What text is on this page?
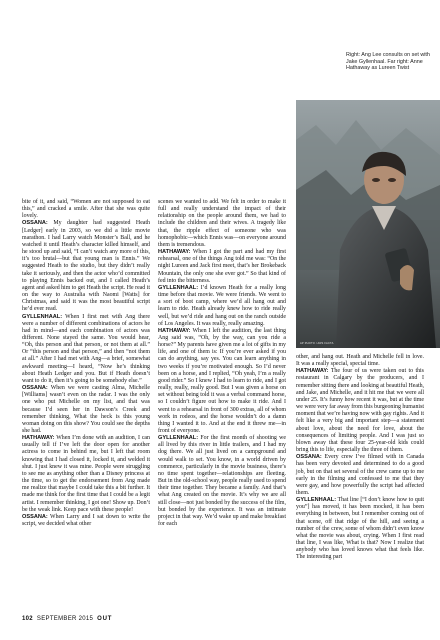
Right: Ang Lee consults on set with Jake Gyllenhaal. Far right: Anne Hathaway as Lureen Twist
AP PHOTO / ARS FACTA

bite of it, and said, “Women are not supposed to eat this,” and cracked a smile. After that she was quite lovely.

OSSANA: My daughter had suggested Heath [Ledger] early in 2003, so we did a little movie marathon. I had Larry watch Monster’s Ball, and he watched it until Heath’s character killed himself, and he stood up and said, “I can’t watch any more of this, it’s too brutal—but that young man is Ennis.” We suggested Heath to the studio, but they didn’t really take it seriously, and then the actor who’d committed to playing Ennis backed out, and I called Heath’s agent and asked him to get Heath the script. He read it on the way to Australia with Naomi [Watts] for Christmas, and said it was the most beautiful script he’d ever read.

GYLLENHAAL: When I first met with Ang there were a number of different combinations of actors he had in mind—and each combination of actors was different. None stayed the same. You would hear, “Oh, this person and that person, or not them at all.” Or “this person and that person,” and then “not them at all.” After I had met with Ang—a brief, somewhat awkward meeting—I heard, “Now he’s thinking about Heath Ledger and you. But if Heath doesn’t want to do it, then it’s going to be somebody else.”

OSSANA: When we were casting Alma, Michelle [Williams] wasn’t even on the radar. I was the only one who put Michelle on my list, and that was because I’d seen her in Dawson’s Creek and remember thinking, What the heck is this young woman doing on this show? You could see the depths she had.

HATHAWAY: When I’m done with an audition, I can usually tell if I’ve left the door open for another actress to come in behind me, but I left that room knowing that I had closed it, locked it, and welded it shut. I just knew it was mine. People were struggling to see me as anything other than a Disney princess at the time, so to get the endorsement from Ang made me realize that maybe I could take this a bit further. It made me think for the first time that I could be a legit artist. I remember thinking, I got one! Show up. Don’t be the weak link. Keep pace with these people!

OSSANA: When Larry and I sat down to write the script, we decided what other

scenes we wanted to add. We felt in order to make it full and really understand the impact of their relationship on the people around them, we had to include the children and their wives. A tragedy like that, the ripple effect of someone who was homophobic—which Ennis was—on everyone around them is tremendous.

HATHAWAY: When I got the part and had my first rehearsal, one of the things Ang told me was: “On the night Lureen and Jack first meet, that’s her Brokeback Mountain, the only one she ever got.” So that kind of fed into the bitterness.

GYLLENHAAL: I’d known Heath for a really long time before that movie. We were friends. We went to a sort of boot camp, where we’d all hang out and learn to ride. Heath already knew how to ride really well, but we’d ride and hang out on the ranch outside of Los Angeles. It was really, really amazing.

HATHAWAY: When I left the audition, the last thing Ang said was, “Oh, by the way, can you ride a horse?” My parents have given me a lot of gifts in my life, and one of them is: If you’re ever asked if you can do anything, say yes. You can learn anything in two weeks if you’re motivated enough. So I’d never been on a horse, and I replied, “Oh yeah, I’m a really good rider.” So I knew I had to learn to ride, and I got really, really, really good. But I was given a horse on set without being told it was a verbal command horse, so I couldn’t figure out how to make it ride. And I went to a rehearsal in front of 300 extras, all of whom work in rodeos, and the horse wouldn’t do a damn thing I wanted it to. And at the end it threw me—in front of everyone.

GYLLENHAAL: For the first month of shooting we all lived by this river in little trailers, and I had my dog there. We all just lived on a campground and would walk to set. You know, in a world driven by commerce, particularly in the movie business, there’s no time spent together—relationships are fleeting. But in the old-school way, people really used to spend their time together. They became a family. And that’s what Ang created on the movie. It’s why we are all still close—not just bonded by the success of the film, but bonded by the experience. It was an intimate project in that way. We’d wake up and make breakfast for each

other, and hang out. Heath and Michelle fell in love. It was a really special, special time.

HATHAWAY: The four of us were taken out to this restaurant in Calgary by the producers, and I remember sitting there and looking at beautiful Heath, and Jake, and Michelle, and it hit me that we were all under 25. It’s funny how recent it was, but at the time we were very far away from this burgeoning humanist moment that we’re having now with gay rights. And it felt like a very big and important step—a statement about love, about the need for love, about the consequences of limiting people. And I was just so blown away that these four 25-year-old kids could bring this to life, especially the three of them.

OSSANA: Every crew I’ve filmed with in Canada has been very devoted and determined to do a good job, but on that set several of the crew came up to me early in the filming and confessed to me that they were gay, and how powerfully the script had affected them.

GYLLENHAAL: That line [“I don’t know how to quit you”] has moved, it has been mocked, it has been everything in between, but I remember coming out of that scene, off that ridge of the hill, and seeing a number of the crew, some of whom didn’t even know what the movie was about, crying. When I first read that line, I was like, What is that? Now I realize that anybody who has loved knows what that feels like. The interesting part

102 SEPTEMBER 2015 OUT
